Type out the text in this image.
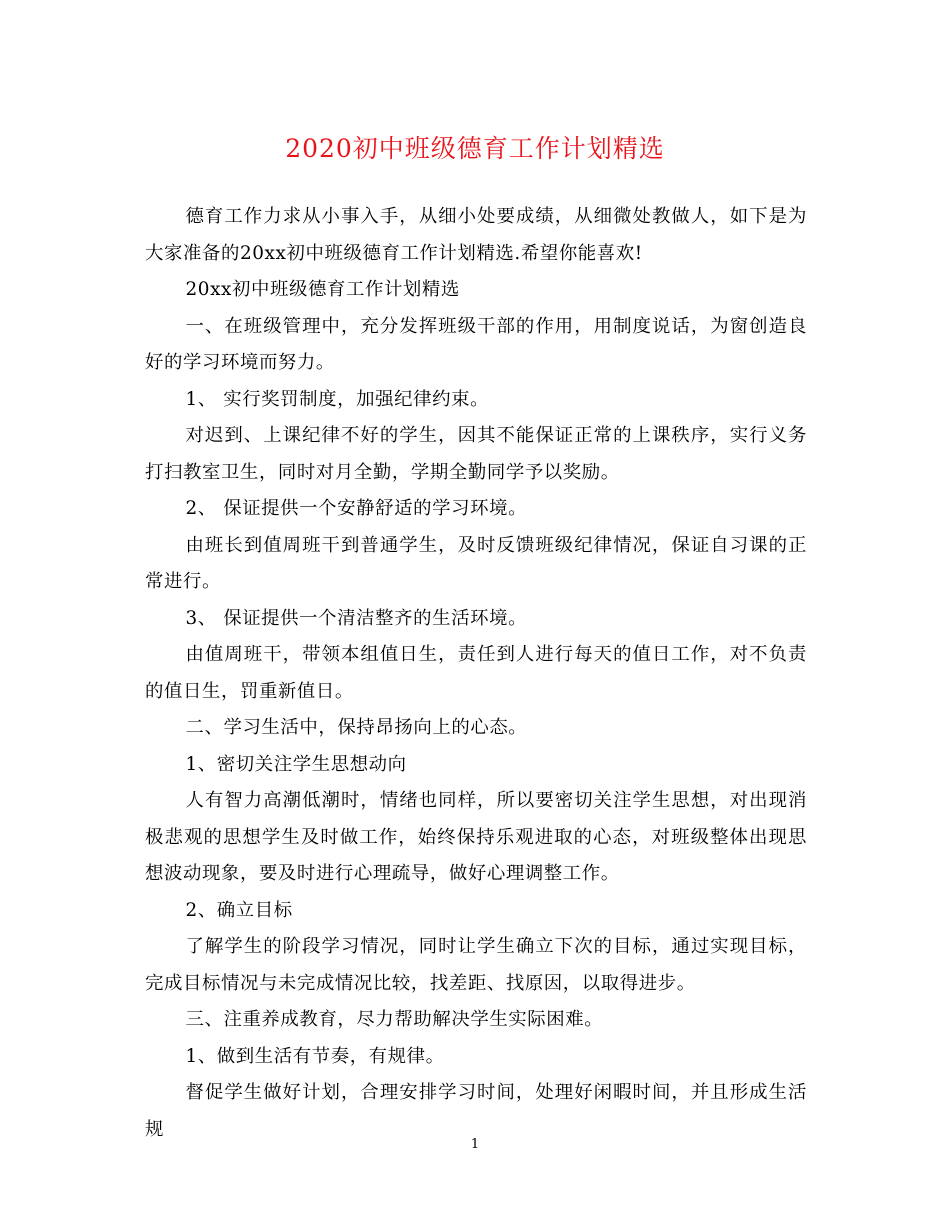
2020初中班级德育工作计划精选

德育工作力求从小事入手，从细小处要成绩，从细微处教做人，如下是为大家准备的20xx初中班级德育工作计划精选.希望你能喜欢!

20xx初中班级德育工作计划精选

一、在班级管理中，充分发挥班级干部的作用，用制度说话，为窗创造良好的学习环境而努力。

1、 实行奖罚制度，加强纪律约束。

对迟到、上课纪律不好的学生，因其不能保证正常的上课秩序，实行义务打扫教室卫生，同时对月全勤，学期全勤同学予以奖励。

2、 保证提供一个安静舒适的学习环境。

由班长到值周班干到普通学生，及时反馈班级纪律情况，保证自习课的正常进行。

3、 保证提供一个清洁整齐的生活环境。

由值周班干，带领本组值日生，责任到人进行每天的值日工作，对不负责的值日生，罚重新值日。

二、学习生活中，保持昂扬向上的心态。

1、密切关注学生思想动向

人有智力高潮低潮时，情绪也同样，所以要密切关注学生思想，对出现消极悲观的思想学生及时做工作，始终保持乐观进取的心态，对班级整体出现思想波动现象，要及时进行心理疏导，做好心理调整工作。

2、确立目标

了解学生的阶段学习情况，同时让学生确立下次的目标，通过实现目标，完成目标情况与未完成情况比较，找差距、找原因，以取得进步。

三、注重养成教育，尽力帮助解决学生实际困难。

1、做到生活有节奏，有规律。

督促学生做好计划，合理安排学习时间，处理好闲暇时间，并且形成生活规

1
